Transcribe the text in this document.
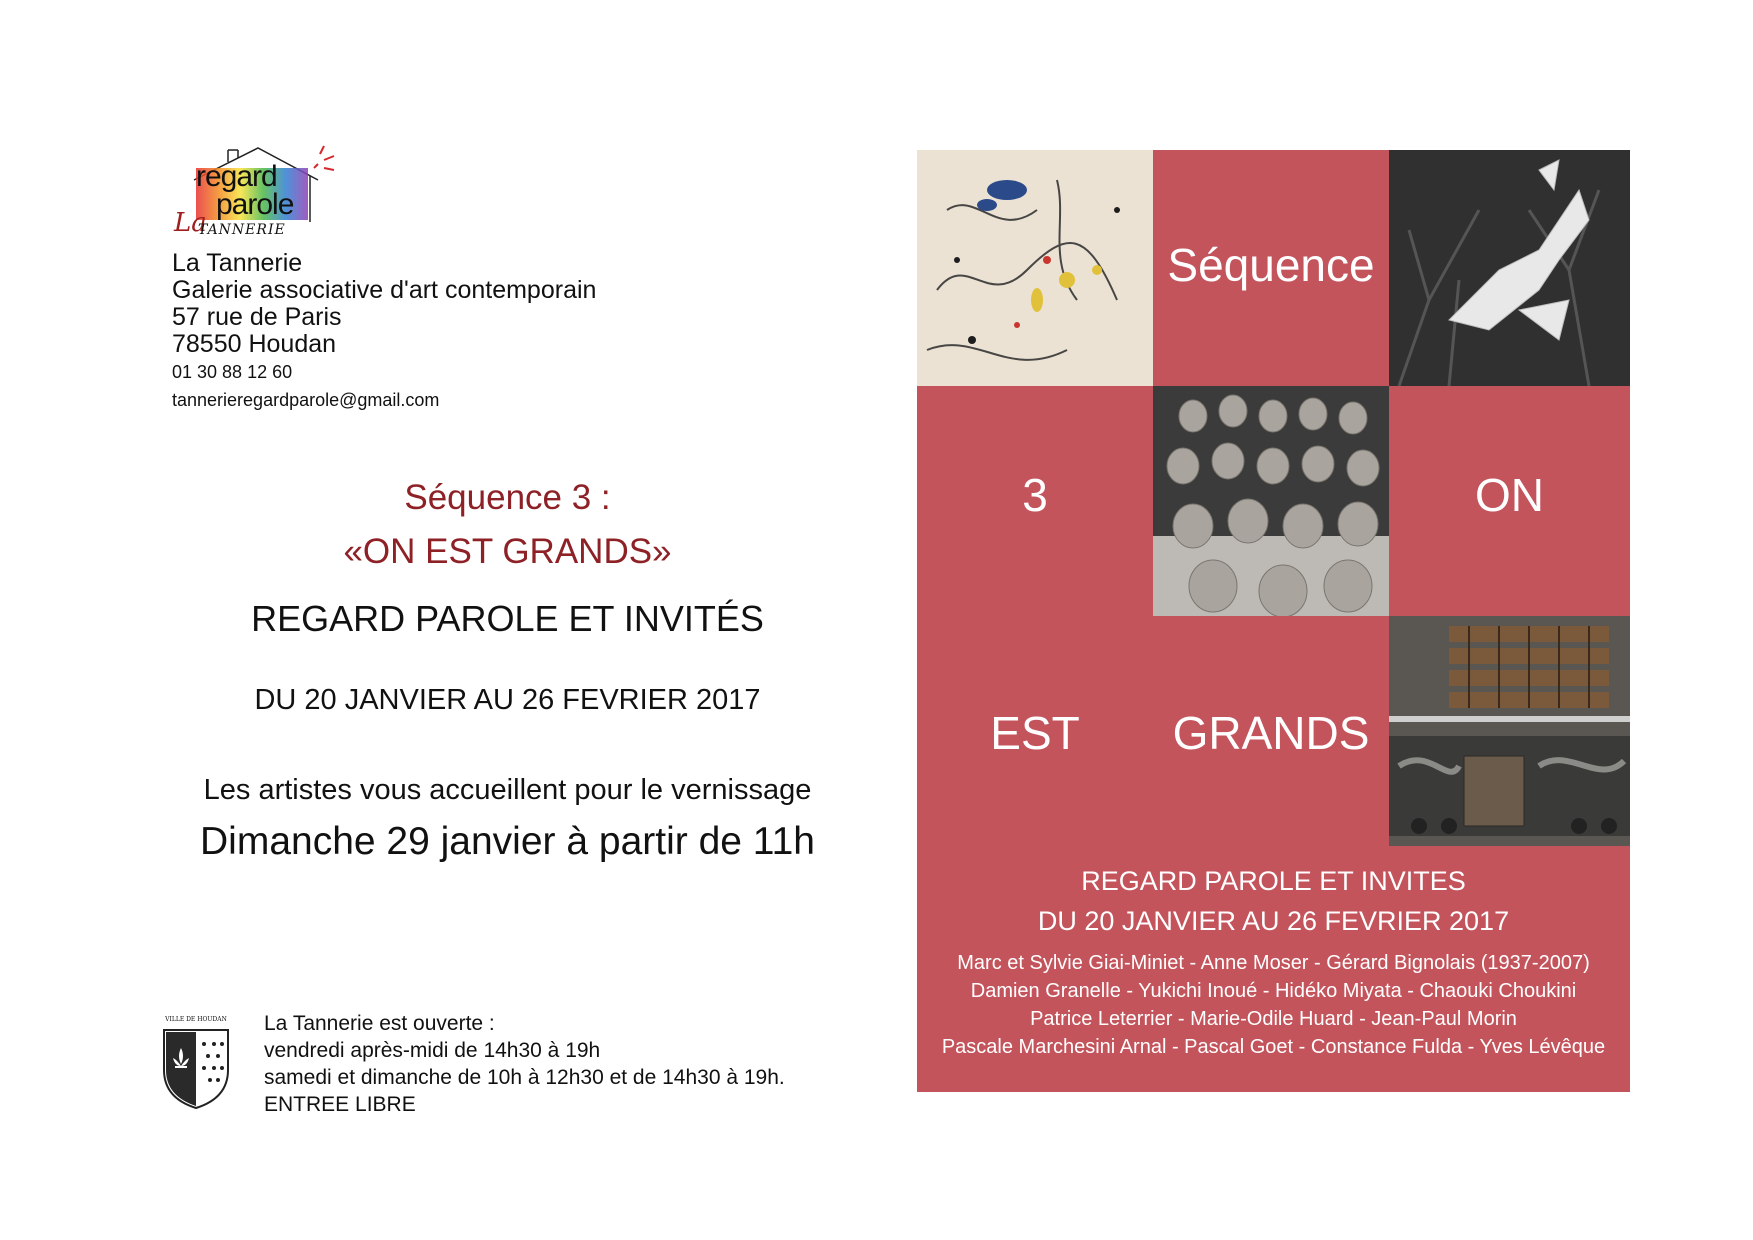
regard
parole
La
TANNERIE
La Tannerie
Galerie associative d'art contemporain
57 rue de Paris
78550 Houdan
01 30 88 12 60
tannerieregardparole@gmail.com
Séquence 3 :
«ON EST GRANDS»
REGARD PAROLE ET INVITÉS
DU 20 JANVIER AU 26 FEVRIER 2017
Les artistes vous accueillent pour le vernissage
Dimanche 29 janvier à partir de 11h
VILLE DE HOUDAN	La Tannerie est ouverte :
vendredi après-midi de 14h30 à 19h
samedi et dimanche de 10h à 12h30 et de 14h30 à 19h.
ENTREE LIBRE
Séquence
3	ON
EST	GRANDS
REGARD PAROLE ET INVITES
DU 20 JANVIER AU 26 FEVRIER 2017
Marc et Sylvie Giai-Miniet - Anne Moser - Gérard Bignolais (1937-2007)
Damien Granelle - Yukichi Inoué - Hidéko Miyata - Chaouki Choukini
Patrice Leterrier - Marie-Odile Huard - Jean-Paul Morin
Pascale Marchesini Arnal - Pascal Goet - Constance Fulda - Yves Lévêque
